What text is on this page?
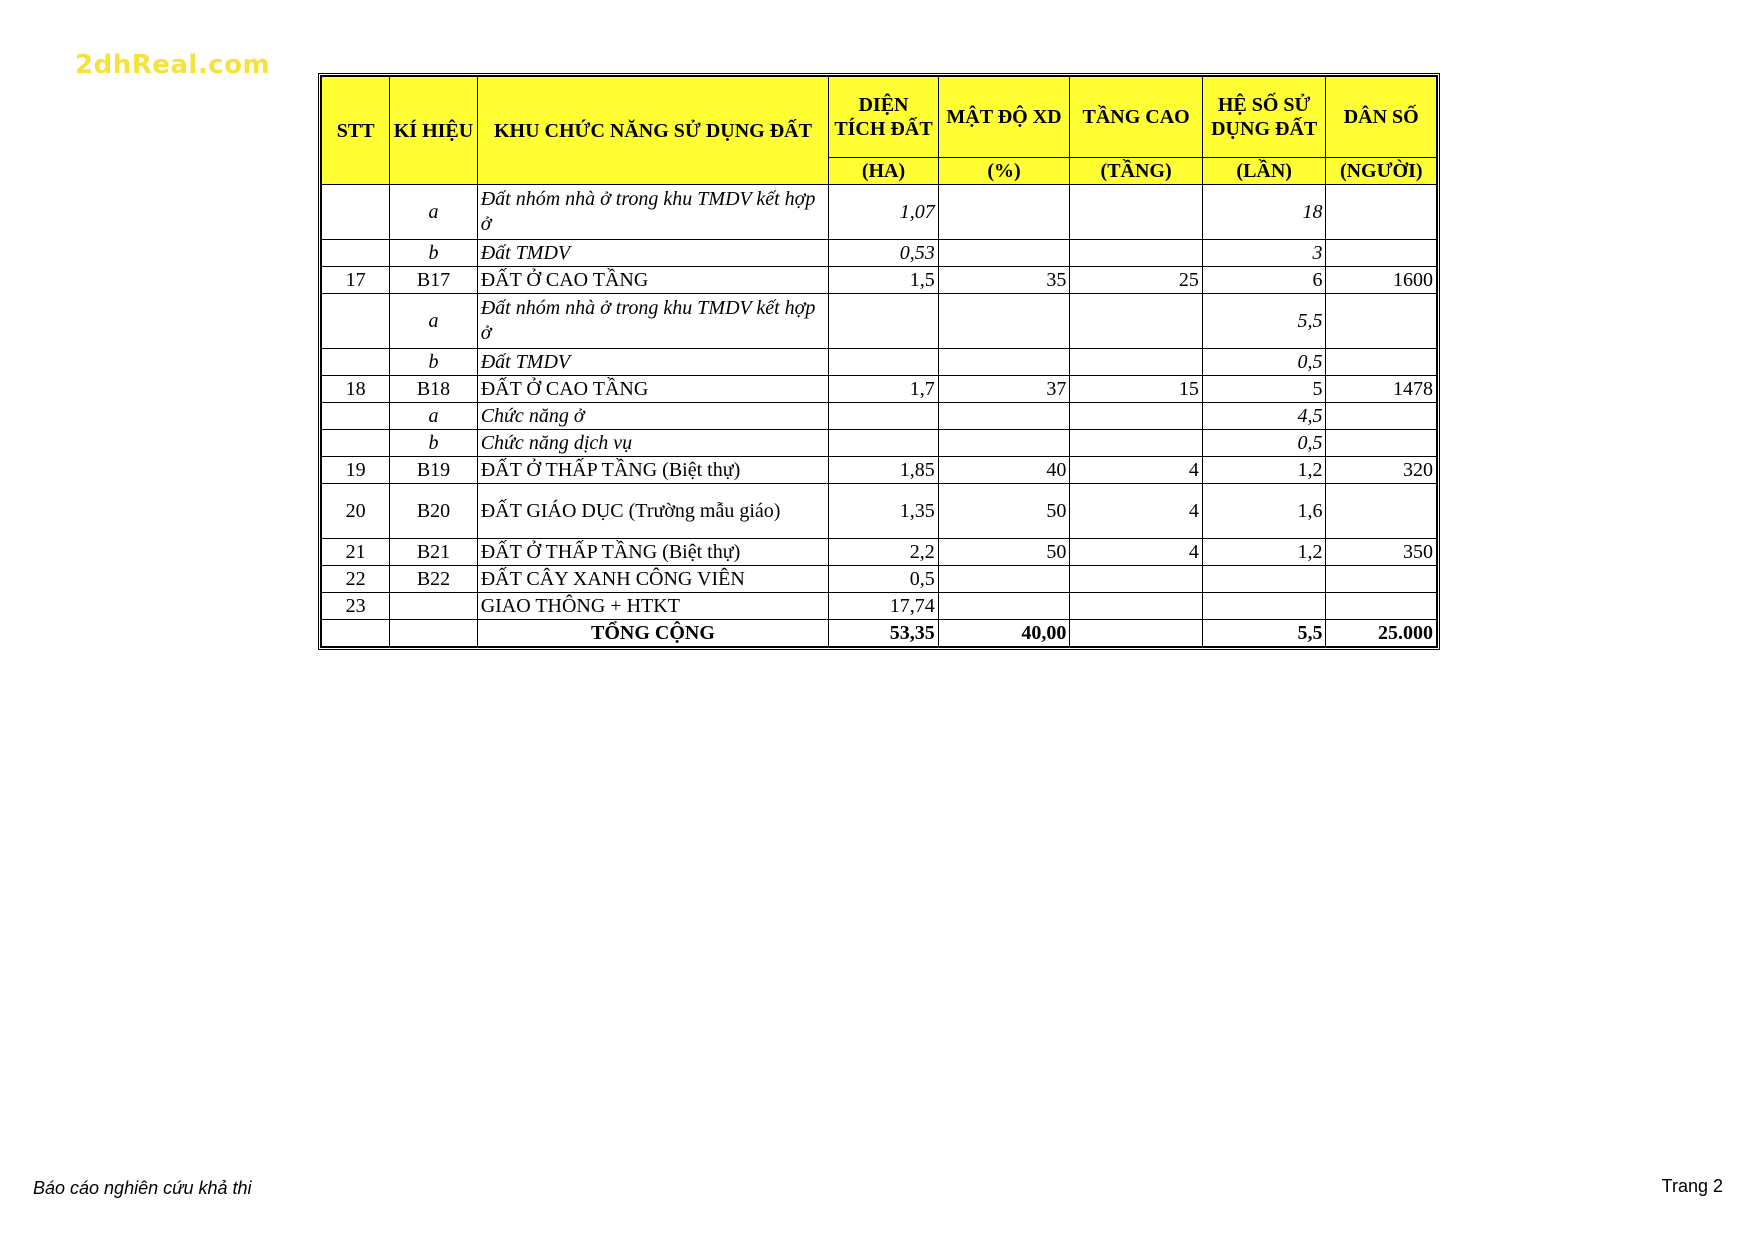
2dhReal.com
STT	KÍ HIỆU	KHU CHỨC NĂNG SỬ DỤNG ĐẤT	DIỆN TÍCH ĐẤT	MẬT ĐỘ XD	TẦNG CAO	HỆ SỐ SỬ DỤNG ĐẤT	DÂN SỐ
			(HA)	(%)	(TẦNG)	(LẦN)	(NGƯỜI)
	a	Đất nhóm nhà ở trong khu TMDV kết hợp ở	1,07			18	
	b	Đất TMDV	0,53			3	
17	B17	ĐẤT Ở CAO TẦNG	1,5	35	25	6	1600
	a	Đất nhóm nhà ở trong khu TMDV kết hợp ở				5,5	
	b	Đất TMDV				0,5	
18	B18	ĐẤT Ở CAO TẦNG	1,7	37	15	5	1478
	a	Chức năng ở				4,5	
	b	Chức năng dịch vụ				0,5	
19	B19	ĐẤT Ở THẤP TẦNG (Biệt thự)	1,85	40	4	1,2	320
20	B20	ĐẤT GIÁO DỤC (Trường mẫu giáo)	1,35	50	4	1,6	
21	B21	ĐẤT Ở THẤP TẦNG (Biệt thự)	2,2	50	4	1,2	350
22	B22	ĐẤT CÂY XANH CÔNG VIÊN	0,5				
23		GIAO THÔNG + HTKT	17,74				
		TỔNG CỘNG	53,35	40,00		5,5	25.000
Báo cáo nghiên cứu khả thi	Trang 2
